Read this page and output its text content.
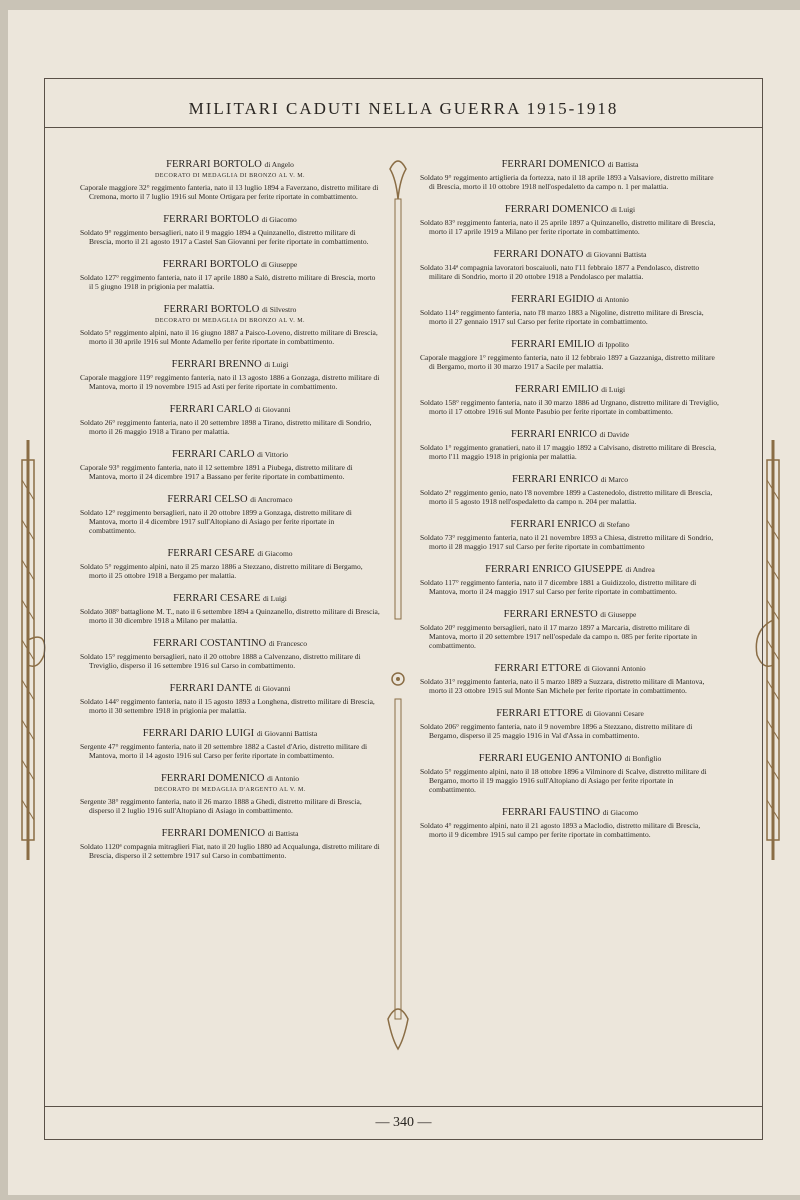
MILITARI CADUTI NELLA GUERRA 1915-1918

FERRARI BORTOLO di Angelo

DECORATO DI MEDAGLIA DI BRONZO AL V. M.

Caporale maggiore 32° reggimento fanteria, nato il 13 luglio 1894 a Faverzano, distretto militare di Cremona, morto il 7 luglio 1916 sul Monte Ortigara per ferite riportate in combattimento.

FERRARI BORTOLO di Giacomo

Soldato 9° reggimento bersaglieri, nato il 9 maggio 1894 a Quinzanello, distretto militare di Brescia, morto il 21 agosto 1917 a Castel San Giovanni per ferite riportate in combattimento.

FERRARI BORTOLO di Giuseppe

Soldato 127° reggimento fanteria, nato il 17 aprile 1880 a Salò, distretto militare di Brescia, morto il 5 giugno 1918 in prigionia per malattia.

FERRARI BORTOLO di Silvestro

DECORATO DI MEDAGLIA DI BRONZO AL V. M.

Soldato 5° reggimento alpini, nato il 16 giugno 1887 a Paisco-Loveno, distretto militare di Brescia, morto il 30 aprile 1916 sul Monte Adamello per ferite riportate in combattimento.

FERRARI BRENNO di Luigi

Caporale maggiore 119° reggimento fanteria, nato il 13 agosto 1886 a Gonzaga, distretto militare di Mantova, morto il 19 novembre 1915 ad Asti per ferite riportate in combattimento.

FERRARI CARLO di Giovanni

Soldato 26° reggimento fanteria, nato il 20 settembre 1898 a Tirano, distretto militare di Sondrio, morto il 26 maggio 1918 a Tirano per malattia.

FERRARI CARLO di Vittorio

Caporale 93° reggimento fanteria, nato il 12 settembre 1891 a Piubega, distretto militare di Mantova, morto il 24 dicembre 1917 a Bassano per ferite riportate in combattimento.

FERRARI CELSO di Ancromaco

Soldato 12° reggimento bersaglieri, nato il 20 ottobre 1899 a Gonzaga, distretto militare di Mantova, morto il 4 dicembre 1917 sull'Altopiano di Asiago per ferite riportate in combattimento.

FERRARI CESARE di Giacomo

Soldato 5° reggimento alpini, nato il 25 marzo 1886 a Stezzano, distretto militare di Bergamo, morto il 25 ottobre 1918 a Bergamo per malattia.

FERRARI CESARE di Luigi

Soldato 308° battaglione M. T., nato il 6 settembre 1894 a Quinzanello, distretto militare di Brescia, morto il 30 dicembre 1918 a Milano per malattia.

FERRARI COSTANTINO di Francesco

Soldato 15° reggimento bersaglieri, nato il 20 ottobre 1888 a Calvenzano, distretto militare di Treviglio, disperso il 16 settembre 1916 sul Carso in combattimento.

FERRARI DANTE di Giovanni

Soldato 144° reggimento fanteria, nato il 15 agosto 1893 a Longhena, distretto militare di Brescia, morto il 30 settembre 1918 in prigionia per malattia.

FERRARI DARIO LUIGI di Giovanni Battista

Sergente 47° reggimento fanteria, nato il 20 settembre 1882 a Castel d'Ario, distretto militare di Mantova, morto il 14 agosto 1916 sul Carso per ferite riportate in combattimento.

FERRARI DOMENICO di Antonio

DECORATO DI MEDAGLIA D'ARGENTO AL V. M.

Sergente 38° reggimento fanteria, nato il 26 marzo 1888 a Ghedi, distretto militare di Brescia, disperso il 2 luglio 1916 sull'Altopiano di Asiago in combattimento.

FERRARI DOMENICO di Battista

Soldato 1120ª compagnia mitraglieri Fiat, nato il 20 luglio 1880 ad Acqualunga, distretto militare di Brescia, disperso il 2 settembre 1917 sul Carso in combattimento.

FERRARI DOMENICO di Battista

Soldato 9° reggimento artiglieria da fortezza, nato il 18 aprile 1893 a Valsaviore, distretto militare di Brescia, morto il 10 ottobre 1918 nell'ospedaletto da campo n. 1 per malattia.

FERRARI DOMENICO di Luigi

Soldato 83° reggimento fanteria, nato il 25 aprile 1897 a Quinzanello, distretto militare di Brescia, morto il 17 aprile 1919 a Milano per ferite riportate in combattimento.

FERRARI DONATO di Giovanni Battista

Soldato 314ª compagnia lavoratori boscaiuoli, nato l'11 febbraio 1877 a Pendolasco, distretto militare di Sondrio, morto il 20 ottobre 1918 a Pendolasco per malattia.

FERRARI EGIDIO di Antonio

Soldato 114° reggimento fanteria, nato l'8 marzo 1883 a Nigoline, distretto militare di Brescia, morto il 27 gennaio 1917 sul Carso per ferite riportate in combattimento.

FERRARI EMILIO di Ippolito

Caporale maggiore 1° reggimento fanteria, nato il 12 febbraio 1897 a Gazzaniga, distretto militare di Bergamo, morto il 30 marzo 1917 a Sacile per malattia.

FERRARI EMILIO di Luigi

Soldato 158° reggimento fanteria, nato il 30 marzo 1886 ad Urgnano, distretto militare di Treviglio, morto il 17 ottobre 1916 sul Monte Pasubio per ferite riportate in combattimento.

FERRARI ENRICO di Davide

Soldato 1° reggimento granatieri, nato il 17 maggio 1892 a Calvisano, distretto militare di Brescia, morto l'11 maggio 1918 in prigionia per malattia.

FERRARI ENRICO di Marco

Soldato 2° reggimento genio, nato l'8 novembre 1899 a Castenedolo, distretto militare di Brescia, morto il 5 agosto 1918 nell'ospedaletto da campo n. 204 per malattia.

FERRARI ENRICO di Stefano

Soldato 73° reggimento fanteria, nato il 21 novembre 1893 a Chiesa, distretto militare di Sondrio, morto il 28 maggio 1917 sul Carso per ferite riportate in combattimento

FERRARI ENRICO GIUSEPPE di Andrea

Soldato 117° reggimento fanteria, nato il 7 dicembre 1881 a Guidizzolo, distretto militare di Mantova, morto il 24 maggio 1917 sul Carso per ferite riportate in combattimento.

FERRARI ERNESTO di Giuseppe

Soldato 20° reggimento bersaglieri, nato il 17 marzo 1897 a Marcaria, distretto militare di Mantova, morto il 20 settembre 1917 nell'ospedale da campo n. 085 per ferite riportate in combattimento.

FERRARI ETTORE di Giovanni Antonio

Soldato 31° reggimento fanteria, nato il 5 marzo 1889 a Suzzara, distretto militare di Mantova, morto il 23 ottobre 1915 sul Monte San Michele per ferite riportate in combattimento.

FERRARI ETTORE di Giovanni Cesare

Soldato 206° reggimento fanteria, nato il 9 novembre 1896 a Stezzano, distretto militare di Bergamo, disperso il 25 maggio 1916 in Val d'Assa in combattimento.

FERRARI EUGENIO ANTONIO di Bonfiglio

Soldato 5° reggimento alpini, nato il 18 ottobre 1896 a Vilminore di Scalve, distretto militare di Bergamo, morto il 19 maggio 1916 sull'Altopiano di Asiago per ferite riportate in combattimento.

FERRARI FAUSTINO di Giacomo

Soldato 4° reggimento alpini, nato il 21 agosto 1893 a Maclodio, distretto militare di Brescia, morto il 9 dicembre 1915 sul campo per ferite riportate in combattimento.

— 340 —
